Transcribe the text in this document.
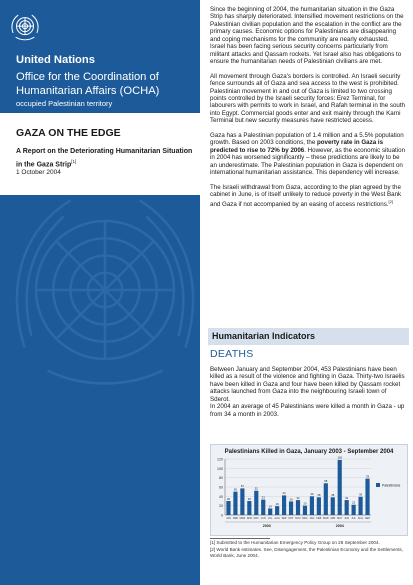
United Nations
Office for the Coordination of Humanitarian Affairs (OCHA)
occupied Palestinian territory
GAZA ON THE EDGE
A Report on the Deteriorating Humanitarian Situation in the Gaza Strip[1]
1 October 2004

Since the beginning of 2004, the humanitarian situation in the Gaza Strip has sharply deteriorated. Intensified movement restrictions on the Palestinian civilian population and the escalation in the conflict are the primary causes. Economic options for Palestinians are disappearing and coping mechanisms for the community are nearly exhausted.
Israel has been facing serious security concerns particularly from militant attacks and Qassam rockets. Yet Israel also has obligations to ensure the humanitarian needs of Palestinian civilians are met.

All movement through Gaza's borders is controlled. An Israeli security fence surrounds all of Gaza and sea access to the west is prohibited. Palestinian movement in and out of Gaza is limited to two crossing points controlled by the Israeli security forces: Erez Terminal, for labourers with permits to work in Israel, and Rafah terminal in the south into Egypt. Commercial goods enter and exit mainly through the Karni Terminal but new security measures have restricted access.

Gaza has a Palestinian population of 1.4 million and a 5.5% population growth. Based on 2003 conditions, the poverty rate in Gaza is predicted to rise to 72% by 2006. However, as the economic situation in 2004 has worsened significantly – these predictions are likely to be an underestimate. The Palestinian population in Gaza is dependent on international humanitarian assistance. This dependency will increase.

The Israeli withdrawal from Gaza, according to the plan agreed by the cabinet in June, is of itself unlikely to reduce poverty in the West Bank and Gaza if not accompanied by an easing of access restrictions.[2]

Humanitarian Indicators
DEATHS
Between January and September 2004, 453 Palestinians have been killed as a result of the violence and fighting in Gaza. Thirty-two Israelis have been killed in Gaza and four have been killed by Qassam rocket attacks launched from Gaza into the neighbouring Israeli town of Sderot.
In 2004 an average of 45 Palestinians were killed a month in Gaza - up from 34 a month in 2003.
Palestinians Killed in Gaza, January 2003 - September 2004
0
20
40
60
80
100
120
30
JAN
50
FEB
57
MAR
30
APR
52
MAY
33
JUN
14
JUL
19
AUG
42
SEP
29
OCT
32
NOV
20
DEC
40
JAN
38
FEB
68
MAR
38
APR
118
MAY
32
JUN
22
JUL
39
AUG
78
SEP
2003	2004
Palestinians
[1] Submitted to the Humanitarian Emergency Policy Group on 28 September 2004.
[2] World Bank estimates. See, Disengagement, the Palestinian Economy and the Settlements, World Bank, June 2004.
